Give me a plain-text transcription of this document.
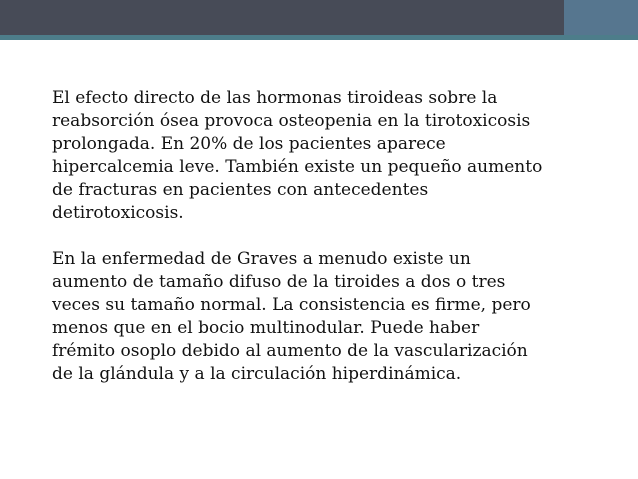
El efecto directo de las hormonas tiroideas sobre la

reabsorción ósea provoca osteopenia en la tirotoxicosis

prolongada. En 20% de los pacientes aparece

hipercalcemia leve. También existe un pequeño aumento

de fracturas en pacientes con antecedentes

detirotoxicosis.

En la enfermedad de Graves a menudo existe un

aumento de tamaño difuso de la tiroides a dos o tres

veces su tamaño normal. La consistencia es firme, pero

menos que en el bocio multinodular. Puede haber

frémito osoplo debido al aumento de la vascularización

de la glándula y a la circulación hiperdinámica.
